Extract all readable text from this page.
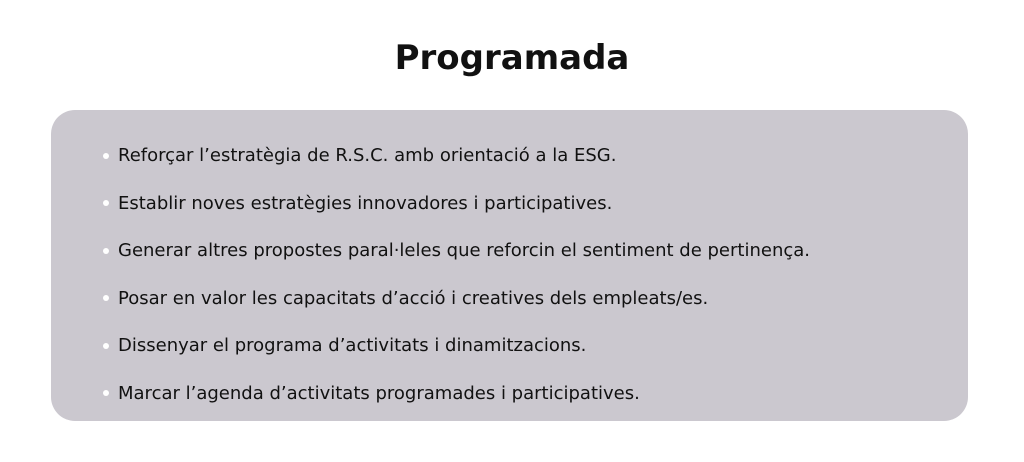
Programada
Reforçar l’estratègia de R.S.C. amb orientació a la ESG.
Establir noves estratègies innovadores i participatives.
Generar altres propostes paral·leles que reforcin el sentiment de pertinença.
Posar en valor les capacitats d’acció i creatives dels empleats/es.
Dissenyar el programa d’activitats i dinamitzacions.
Marcar l’agenda d’activitats programades i participatives.
